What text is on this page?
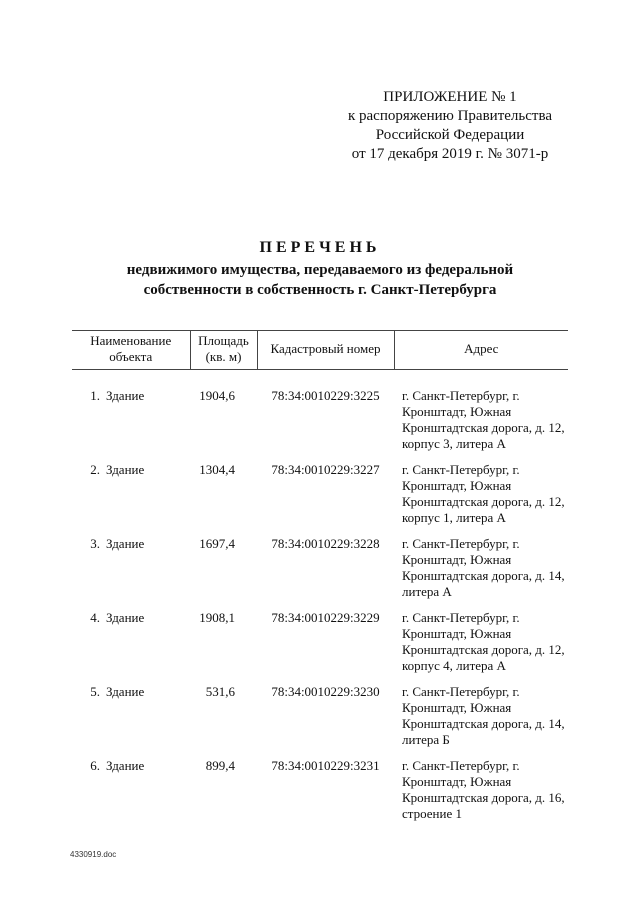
ПРИЛОЖЕНИЕ № 1
к распоряжению Правительства
Российской Федерации
от 17 декабря 2019 г. № 3071-р
ПЕРЕЧЕНЬ
недвижимого имущества, передаваемого из федеральной
собственности в собственность г. Санкт-Петербурга
Наименование объекта	Площадь (кв. м)	Кадастровый номер	Адрес
1. Здание	1904,6	78:34:0010229:3225	г. Санкт-Петербург, г. Кронштадт, Южная Кронштадтская дорога, д. 12, корпус 3, литера А
2. Здание	1304,4	78:34:0010229:3227	г. Санкт-Петербург, г. Кронштадт, Южная Кронштадтская дорога, д. 12, корпус 1, литера А
3. Здание	1697,4	78:34:0010229:3228	г. Санкт-Петербург, г. Кронштадт, Южная Кронштадтская дорога, д. 14, литера А
4. Здание	1908,1	78:34:0010229:3229	г. Санкт-Петербург, г. Кронштадт, Южная Кронштадтская дорога, д. 12, корпус 4, литера А
5. Здание	531,6	78:34:0010229:3230	г. Санкт-Петербург, г. Кронштадт, Южная Кронштадтская дорога, д. 14, литера Б
6. Здание	899,4	78:34:0010229:3231	г. Санкт-Петербург, г. Кронштадт, Южная Кронштадтская дорога, д. 16, строение 1
4330919.doc
